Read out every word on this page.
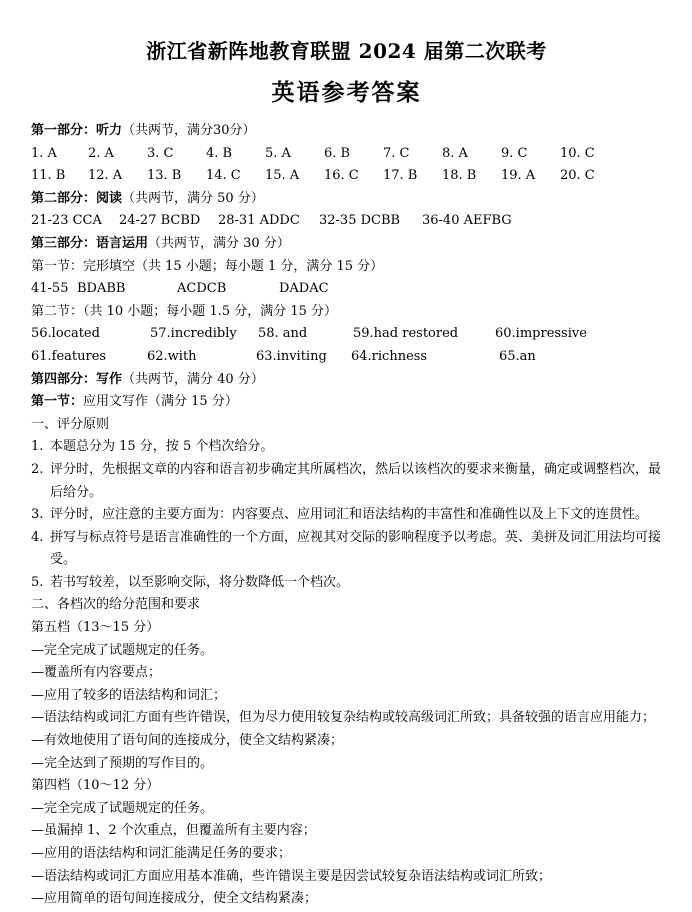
浙江省新阵地教育联盟 2024 届第二次联考
英语参考答案
第一部分：听力（共两节，满分30分）
1. A 2. A	3. C	4. B	5. A	6. B	7. C	8. A	9. C	10. C
11. B 12. A 13. B 14. C 15. A 16. C 17. B 18. B 19. A 20. C
第二部分：阅读（共两节，满分 50 分）
21-23 CCA 24-27 BCBD 28-31 ADDC 32-35 DCBB 36-40 AEFBG
第三部分：语言运用（共两节，满分 30 分）
第一节：完形填空（共 15 小题；每小题 1 分，满分 15 分）
41-55 BDABB	ACDCB	DADAC
第二节：（共 10 小题；每小题 1.5 分，满分 15 分）
56.located	57.incredibly 58. and	59.had restored	60.impressive
61.features	62.with	63.inviting 64.richness	65.an
第四部分：写作（共两节，满分 40 分）
第一节：应用文写作（满分 15 分）
一、评分原则
1. 本题总分为 15 分，按 5 个档次给分。
2. 评分时，先根据文章的内容和语言初步确定其所属档次，然后以该档次的要求来衡量，确定或调整档次，最后给分。
3. 评分时，应注意的主要方面为：内容要点、应用词汇和语法结构的丰富性和准确性以及上下文的连贯性。
4. 拼写与标点符号是语言准确性的一个方面，应视其对交际的影响程度予以考虑。英、美拼及词汇用法均可接受。
5. 若书写较差，以至影响交际，将分数降低一个档次。
二、各档次的给分范围和要求
第五档（13～15 分）
—完全完成了试题规定的任务。
—覆盖所有内容要点；
—应用了较多的语法结构和词汇；
—语法结构或词汇方面有些许错误，但为尽力使用较复杂结构或较高级词汇所致；具备较强的语言应用能力；
—有效地使用了语句间的连接成分，使全文结构紧凑；
—完全达到了预期的写作目的。
第四档（10～12 分）
—完全完成了试题规定的任务。
—虽漏掉 1、2 个次重点，但覆盖所有主要内容；
—应用的语法结构和词汇能满足任务的要求；
—语法结构或词汇方面应用基本准确，些许错误主要是因尝试较复杂语法结构或词汇所致；
—应用简单的语句间连接成分，使全文结构紧凑；
